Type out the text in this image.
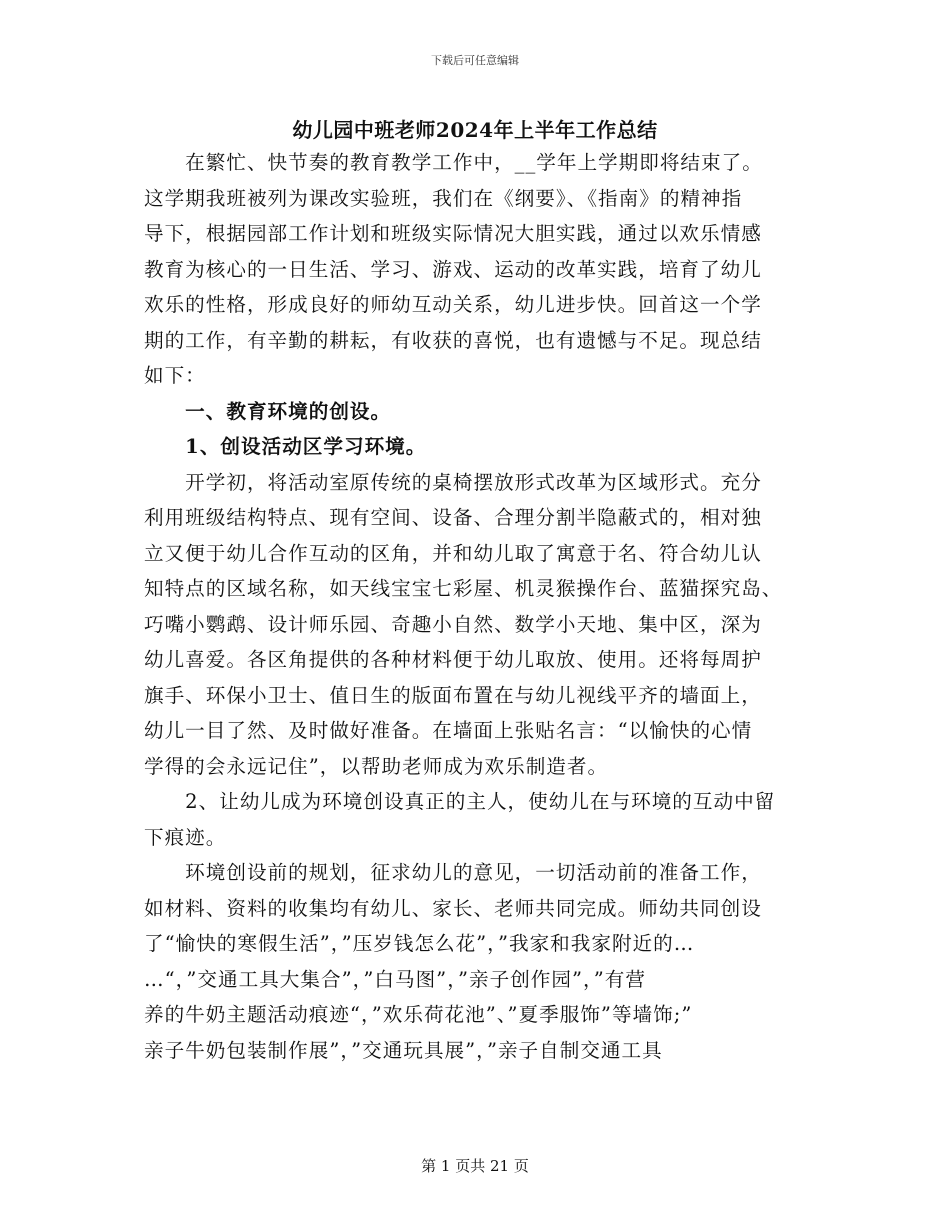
下载后可任意编辑
幼儿园中班老师2024年上半年工作总结

　　在繁忙、快节奏的教育教学工作中，__学年上学期即将结束了。
这学期我班被列为课改实验班，我们在《纲要》、《指南》的精神指
导下，根据园部工作计划和班级实际情况大胆实践，通过以欢乐情感
教育为核心的一日生活、学习、游戏、运动的改革实践，培育了幼儿
欢乐的性格，形成良好的师幼互动关系，幼儿进步快。回首这一个学
期的工作，有辛勤的耕耘，有收获的喜悦，也有遗憾与不足。现总结
如下：
　　一、教育环境的创设。
　　1、创设活动区学习环境。
　　开学初，将活动室原传统的桌椅摆放形式改革为区域形式。充分
利用班级结构特点、现有空间、设备、合理分割半隐蔽式的，相对独
立又便于幼儿合作互动的区角，并和幼儿取了寓意于名、符合幼儿认
知特点的区域名称，如天线宝宝七彩屋、机灵猴操作台、蓝猫探究岛、
巧嘴小鹦鹉、设计师乐园、奇趣小自然、数学小天地、集中区，深为
幼儿喜爱。各区角提供的各种材料便于幼儿取放、使用。还将每周护
旗手、环保小卫士、值日生的版面布置在与幼儿视线平齐的墙面上，
幼儿一目了然、及时做好准备。在墙面上张贴名言：“以愉快的心情
学得的会永远记住”，以帮助老师成为欢乐制造者。
　　2、让幼儿成为环境创设真正的主人，使幼儿在与环境的互动中留
下痕迹。
　　环境创设前的规划，征求幼儿的意见，一切活动前的准备工作，
如材料、资料的收集均有幼儿、家长、老师共同完成。师幼共同创设
了“愉快的寒假生活”，”压岁钱怎么花”，”我家和我家附近的…
…“，”交通工具大集合”，”白马图”，”亲子创作园”，”有营
养的牛奶主题活动痕迹“，”欢乐荷花池”、”夏季服饰”等墙饰;”
亲子牛奶包装制作展”，”交通玩具展”，”亲子自制交通工具

第 1 页共 21 页
